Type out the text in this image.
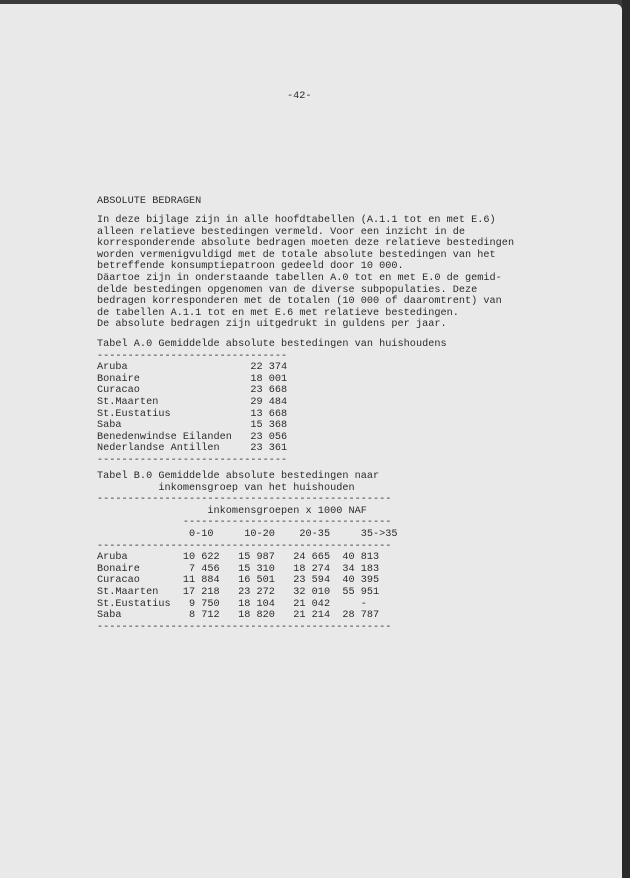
-42-
ABSOLUTE BEDRAGEN
In deze bijlage zijn in alle hoofdtabellen (A.1.1 tot en met E.6)
alleen relatieve bestedingen vermeld. Voor een inzicht in de
korresponderende absolute bedragen moeten deze relatieve bestedingen
worden vermenigvuldigd met de totale absolute bestedingen van het
betreffende konsumptiepatroon gedeeld door 10 000.
Däartoe zijn in onderstaande tabellen A.0 tot en met E.0 de gemid-
delde bestedingen opgenomen van de diverse subpopulaties. Deze
bedragen korresponderen met de totalen (10 000 of daaromtrent) van
de tabellen A.1.1 tot en met E.6 met relatieve bestedingen.
De absolute bedragen zijn uitgedrukt in guldens per jaar.
Tabel A.0 Gemiddelde absolute bestedingen van huishoudens
-------------------------------
Aruba                    22 374
Bonaire                  18 001
Curacao                  23 668
St.Maarten               29 484
St.Eustatius             13 668
Saba                     15 368
Benedenwindse Eilanden   23 056
Nederlandse Antillen     23 361
-------------------------------
Tabel B.0 Gemiddelde absolute bestedingen naar
inkomensgroep van het huishouden
------------------------------------------------
inkomensgroepen x 1000 NAF
----------------------------------
0-10     10-20    20-35     35->35
------------------------------------------------
Aruba         10 622   15 987   24 665  40 813
Bonaire        7 456   15 310   18 274  34 183
Curacao       11 884   16 501   23 594  40 395
St.Maarten    17 218   23 272   32 010  55 951
St.Eustatius   9 750   18 104   21 042     -
Saba           8 712   18 820   21 214  28 787
------------------------------------------------
